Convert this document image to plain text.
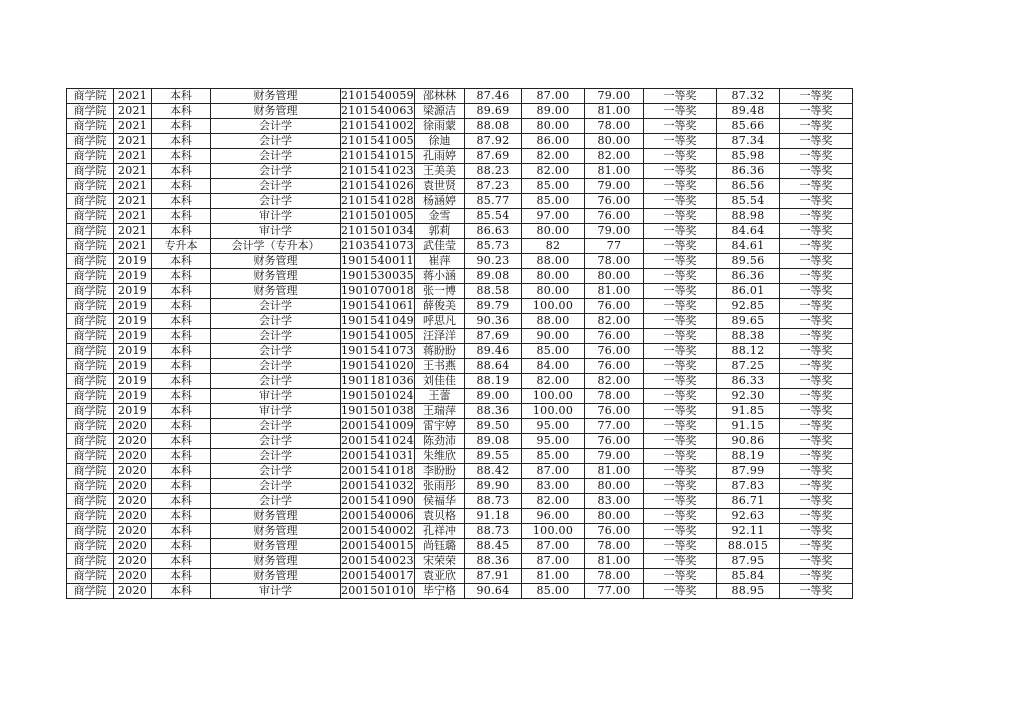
商学院	2021	本科	财务管理	2101540059	邵林林	87.46	87.00	79.00	一等奖	87.32	一等奖
商学院	2021	本科	财务管理	2101540063	梁源洁	89.69	89.00	81.00	一等奖	89.48	一等奖
商学院	2021	本科	会计学	2101541002	徐雨蒙	88.08	80.00	78.00	一等奖	85.66	一等奖
商学院	2021	本科	会计学	2101541005	徐迪	87.92	86.00	80.00	一等奖	87.34	一等奖
商学院	2021	本科	会计学	2101541015	孔雨婷	87.69	82.00	82.00	一等奖	85.98	一等奖
商学院	2021	本科	会计学	2101541023	王美美	88.23	82.00	81.00	一等奖	86.36	一等奖
商学院	2021	本科	会计学	2101541026	袁世贤	87.23	85.00	79.00	一等奖	86.56	一等奖
商学院	2021	本科	会计学	2101541028	杨涵婷	85.77	85.00	76.00	一等奖	85.54	一等奖
商学院	2021	本科	审计学	2101501005	金雪	85.54	97.00	76.00	一等奖	88.98	一等奖
商学院	2021	本科	审计学	2101501034	郭莉	86.63	80.00	79.00	一等奖	84.64	一等奖
商学院	2021	专升本	会计学（专升本）	2103541073	武佳莹	85.73	82	77	一等奖	84.61	一等奖
商学院	2019	本科	财务管理	1901540011	崔萍	90.23	88.00	78.00	一等奖	89.56	一等奖
商学院	2019	本科	财务管理	1901530035	蒋小涵	89.08	80.00	80.00	一等奖	86.36	一等奖
商学院	2019	本科	财务管理	1901070018	张一博	88.58	80.00	81.00	一等奖	86.01	一等奖
商学院	2019	本科	会计学	1901541061	薛俊美	89.79	100.00	76.00	一等奖	92.85	一等奖
商学院	2019	本科	会计学	1901541049	呼思凡	90.36	88.00	82.00	一等奖	89.65	一等奖
商学院	2019	本科	会计学	1901541005	汪泽洋	87.69	90.00	76.00	一等奖	88.38	一等奖
商学院	2019	本科	会计学	1901541073	蒋盼盼	89.46	85.00	76.00	一等奖	88.12	一等奖
商学院	2019	本科	会计学	1901541020	王书燕	88.64	84.00	76.00	一等奖	87.25	一等奖
商学院	2019	本科	会计学	1901181036	刘佳佳	88.19	82.00	82.00	一等奖	86.33	一等奖
商学院	2019	本科	审计学	1901501024	王蕾	89.00	100.00	78.00	一等奖	92.30	一等奖
商学院	2019	本科	审计学	1901501038	王瑞萍	88.36	100.00	76.00	一等奖	91.85	一等奖
商学院	2020	本科	会计学	2001541009	雷宇婷	89.50	95.00	77.00	一等奖	91.15	一等奖
商学院	2020	本科	会计学	2001541024	陈劲沛	89.08	95.00	76.00	一等奖	90.86	一等奖
商学院	2020	本科	会计学	2001541031	朱维欣	89.55	85.00	79.00	一等奖	88.19	一等奖
商学院	2020	本科	会计学	2001541018	李盼盼	88.42	87.00	81.00	一等奖	87.99	一等奖
商学院	2020	本科	会计学	2001541032	张雨彤	89.90	83.00	80.00	一等奖	87.83	一等奖
商学院	2020	本科	会计学	2001541090	侯福华	88.73	82.00	83.00	一等奖	86.71	一等奖
商学院	2020	本科	财务管理	2001540006	袁贝格	91.18	96.00	80.00	一等奖	92.63	一等奖
商学院	2020	本科	财务管理	2001540002	孔祥冲	88.73	100.00	76.00	一等奖	92.11	一等奖
商学院	2020	本科	财务管理	2001540015	尚钰璐	88.45	87.00	78.00	一等奖	88.015	一等奖
商学院	2020	本科	财务管理	2001540023	宋荣荣	88.36	87.00	81.00	一等奖	87.95	一等奖
商学院	2020	本科	财务管理	2001540017	袁亚欣	87.91	81.00	78.00	一等奖	85.84	一等奖
商学院	2020	本科	审计学	2001501010	毕宁格	90.64	85.00	77.00	一等奖	88.95	一等奖
